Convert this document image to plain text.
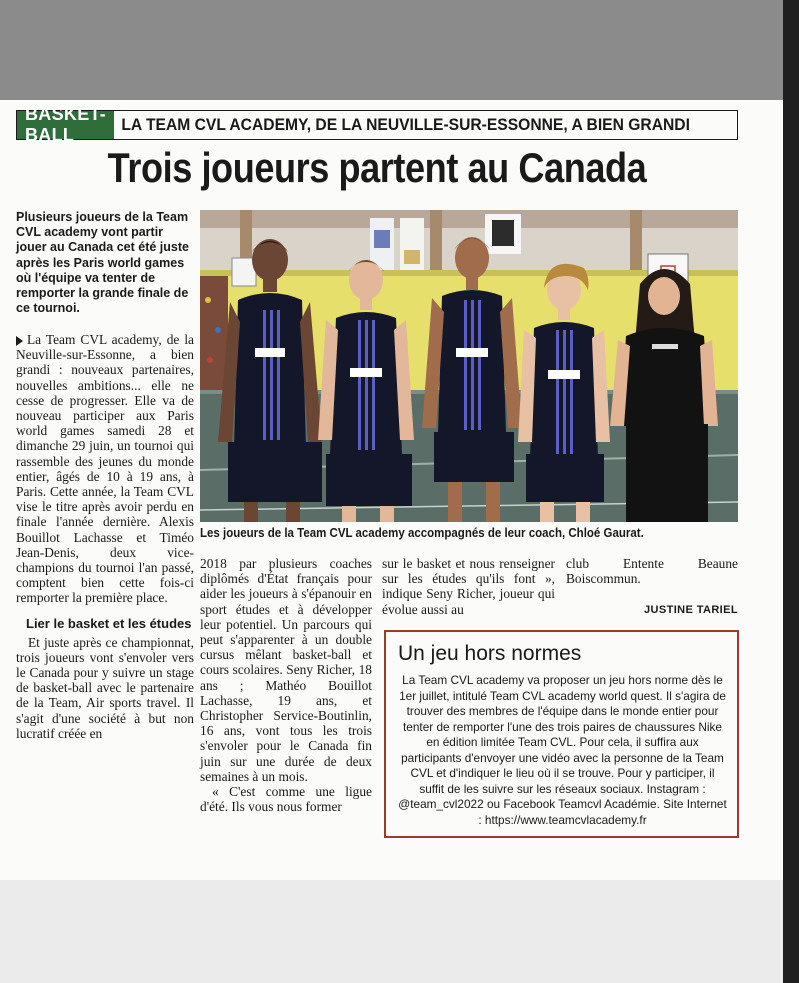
BASKET-BALL
LA TEAM CVL ACADEMY, DE LA NEUVILLE-SUR-ESSONNE, A BIEN GRANDI
Trois joueurs partent au Canada
Plusieurs joueurs de la Team CVL academy vont partir jouer au Canada cet été juste après les Paris world games où l'équipe va tenter de remporter la grande finale de ce tournoi.
Les joueurs de la Team CVL academy accompagnés de leur coach, Chloé Gaurat.

La Team CVL academy, de la Neuville-sur-Essonne, a bien grandi : nouveaux partenaires, nouvelles ambitions... elle ne cesse de progresser. Elle va de nouveau participer aux Paris world games samedi 28 et dimanche 29 juin, un tournoi qui rassemble des jeunes du monde entier, âgés de 10 à 19 ans, à Paris. Cette année, la Team CVL vise le titre après avoir perdu en finale l'année dernière. Alexis Bouillot Lachasse et Timéo Jean-Denis, deux vice-champions du tournoi l'an passé, comptent bien cette fois-ci remporter la première place.

Lier le basket et les études

Et juste après ce championnat, trois joueurs vont s'envoler vers le Canada pour y suivre un stage de basket-ball avec le partenaire de la Team, Air sports travel. Il s'agit d'une société à but non lucratif créée en

2018 par plusieurs coaches diplômés d'État français pour aider les joueurs à s'épanouir en sport études et à développer leur potentiel. Un parcours qui peut s'apparenter à un double cursus mêlant basket-ball et cours scolaires. Seny Richer, 18 ans ; Mathéo Bouillot Lachasse, 19 ans, et Christopher Service-Boutinlin, 16 ans, vont tous les trois s'envoler pour le Canada fin juin sur une durée de deux semaines à un mois.

« C'est comme une ligue d'été. Ils vous nous former

sur le basket et nous renseigner sur les études qu'ils font », indique Seny Richer, joueur qui évolue aussi au

club Entente Beaune Boiscommun.

JUSTINE TARIEL
Un jeu hors normes
La Team CVL academy va proposer un jeu hors norme dès le 1er juillet, intitulé Team CVL academy world quest. Il s'agira de trouver des membres de l'équipe dans le monde entier pour tenter de remporter l'une des trois paires de chaussures Nike en édition limitée Team CVL. Pour cela, il suffira aux participants d'envoyer une vidéo avec la personne de la Team CVL et d'indiquer le lieu où il se trouve. Pour y participer, il suffit de les suivre sur les réseaux sociaux. Instagram : @team_cvl2022 ou Facebook Teamcvl Académie. Site Internet : https://www.teamcvlacademy.fr
